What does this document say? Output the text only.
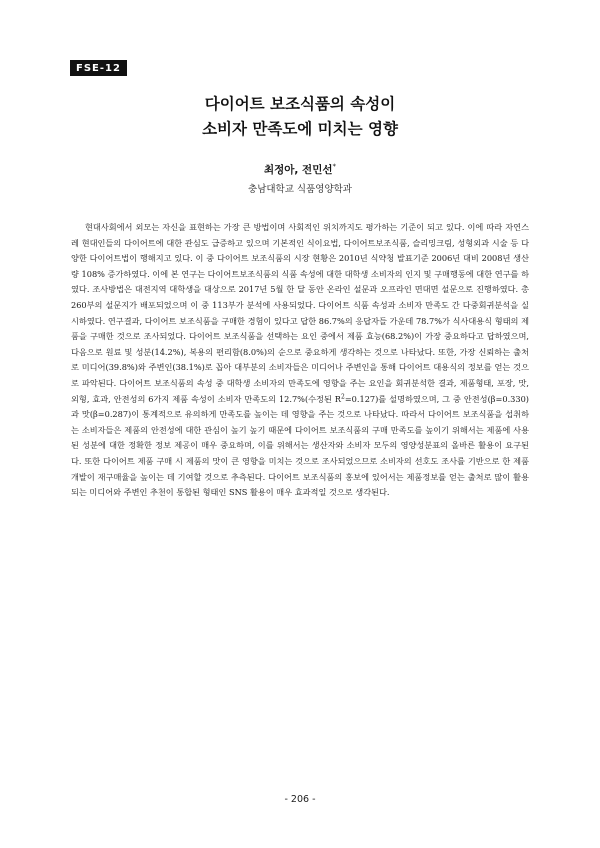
FSE-12
다이어트 보조식품의 속성이
소비자 만족도에 미치는 영향
최정아, 전민선*
충남대학교 식품영양학과
현대사회에서 외모는 자신을 표현하는 가장 큰 방법이며 사회적인 위치까지도 평가하는 기준이 되고 있다. 이에 따라 자연스레 현대인들의 다이어트에 대한 관심도 급증하고 있으며 기본적인 식이요법, 다이어트보조식품, 슬리밍크림, 성형외과 시술 등 다양한 다이어트법이 행해지고 있다. 이 중 다이어트 보조식품의 시장 현황은 2010년 식약청 발표기준 2006년 대비 2008년 생산량 108% 증가하였다. 이에 본 연구는 다이어트보조식품의 식품 속성에 대한 대학생 소비자의 인지 및 구매행동에 대한 연구를 하였다. 조사방법은 대전지역 대학생을 대상으로 2017년 5월 한 달 동안 온라인 설문과 오프라인 면대면 설문으로 진행하였다. 총 260부의 설문지가 배포되었으며 이 중 113부가 분석에 사용되었다. 다이어트 식품 속성과 소비자 만족도 간 다중회귀분석을 실시하였다. 연구결과, 다이어트 보조식품을 구매한 경험이 있다고 답한 86.7%의 응답자들 가운데 78.7%가 식사대용식 형태의 제품을 구매한 것으로 조사되었다. 다이어트 보조식품을 선택하는 요인 중에서 제품 효능(68.2%)이 가장 중요하다고 답하였으며, 다음으로 원료 및 성분(14.2%), 복용의 편리함(8.0%)의 순으로 중요하게 생각하는 것으로 나타났다. 또한, 가장 신뢰하는 출처로 미디어(39.8%)와 주변인(38.1%)로 꼽아 대부분의 소비자들은 미디어나 주변인을 통해 다이어트 대용식의 정보를 얻는 것으로 파악된다. 다이어트 보조식품의 속성 중 대학생 소비자의 만족도에 영향을 주는 요인을 회귀분석한 결과, 제품형태, 포장, 맛, 외형, 효과, 안전성의 6가지 제품 속성이 소비자 만족도의 12.7%(수정된 $R^2=0.127$)를 설명하였으며, 그 중 안전성(β=0.330)과 맛(β=0.287)이 통계적으로 유의하게 만족도를 높이는 데 영향을 주는 것으로 나타났다. 따라서 다이어트 보조식품을 섭취하는 소비자들은 제품의 안전성에 대한 관심이 높기 높기 때문에 다이어트 보조식품의 구매 만족도를 높이기 위해서는 제품에 사용된 성분에 대한 정확한 정보 제공이 매우 중요하며, 이를 위해서는 생산자와 소비자 모두의 영양성분표의 올바른 활용이 요구된다. 또한 다이어트 제품 구매 시 제품의 맛이 큰 영향을 미치는 것으로 조사되었으므로 소비자의 선호도 조사를 기반으로 한 제품 개발이 재구매율을 높이는 데 기여할 것으로 추측된다. 다이어트 보조식품의 홍보에 있어서는 제품정보를 얻는 출처로 많이 활용되는 미디어와 주변인 추천이 통합된 형태인 SNS 활용이 매우 효과적일 것으로 생각된다.
- 206 -
